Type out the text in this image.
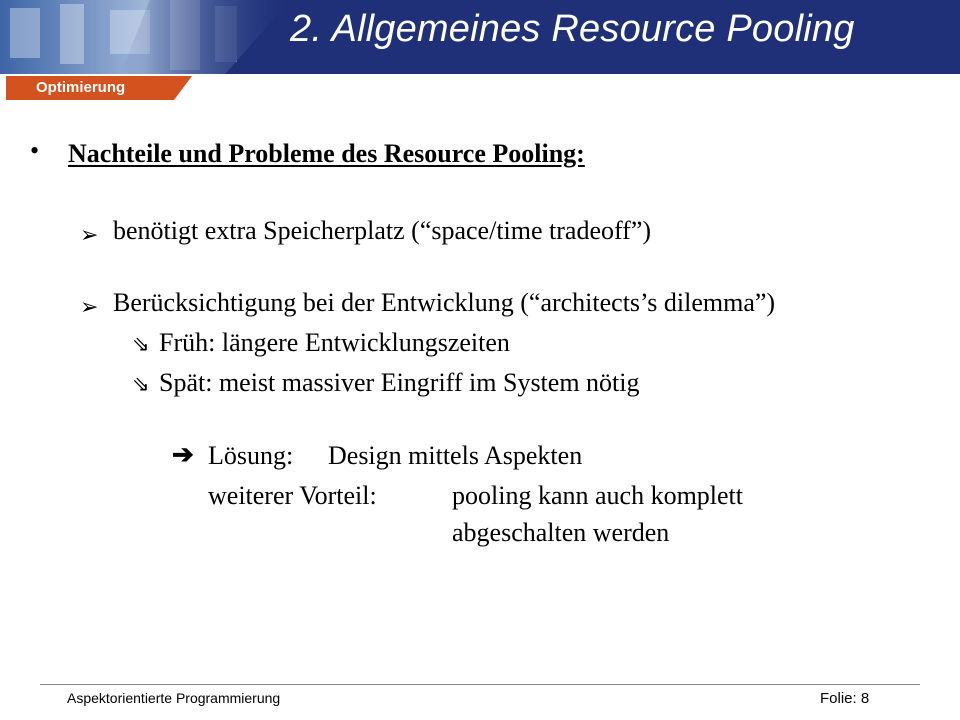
2. Allgemeines Resource Pooling
Optimierung
• Nachteile und Probleme des Resource Pooling:
➢ benötigt extra Speicherplatz (“space/time tradeoff”)
➢ Berücksichtigung bei der Entwicklung (“architects’s dilemma”)
⇘ Früh: längere Entwicklungszeiten
⇘ Spät: meist massiver Eingriff im System nötig
➔ Lösung: Design mittels Aspekten
weiterer Vorteil:	pooling kann auch komplett
abgeschalten werden
Aspektorientierte Programmierung	Folie: 8
